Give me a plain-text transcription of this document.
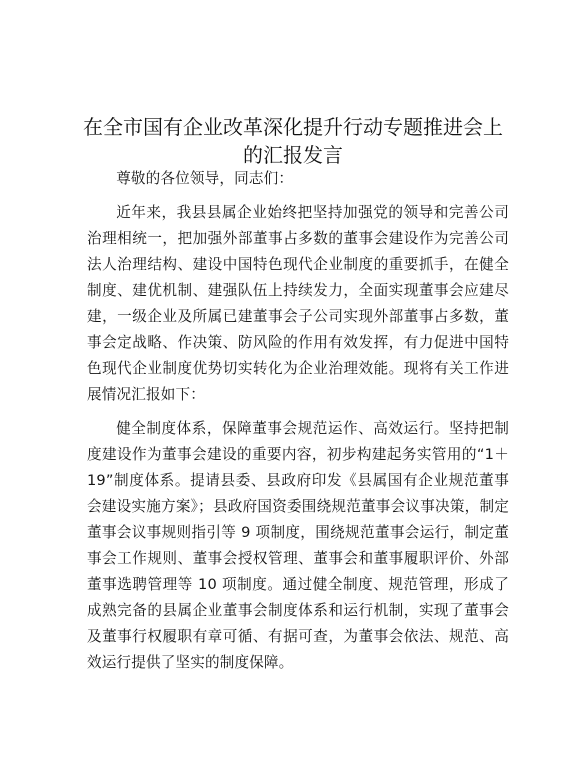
在全市国有企业改革深化提升行动专题推进会上的汇报发言

尊敬的各位领导，同志们：

近年来，我县县属企业始终把坚持加强党的领导和完善公司治理相统一，把加强外部董事占多数的董事会建设作为完善公司法人治理结构、建设中国特色现代企业制度的重要抓手，在健全制度、建优机制、建强队伍上持续发力，全面实现董事会应建尽建，一级企业及所属已建董事会子公司实现外部董事占多数，董事会定战略、作决策、防风险的作用有效发挥，有力促进中国特色现代企业制度优势切实转化为企业治理效能。现将有关工作进展情况汇报如下：

健全制度体系，保障董事会规范运作、高效运行。坚持把制度建设作为董事会建设的重要内容，初步构建起务实管用的“1＋19”制度体系。提请县委、县政府印发《县属国有企业规范董事会建设实施方案》；县政府国资委围绕规范董事会议事决策，制定董事会议事规则指引等 9 项制度，围绕规范董事会运行，制定董事会工作规则、董事会授权管理、董事会和董事履职评价、外部董事选聘管理等 10 项制度。通过健全制度、规范管理，形成了成熟完备的县属企业董事会制度体系和运行机制，实现了董事会及董事行权履职有章可循、有据可查，为董事会依法、规范、高效运行提供了坚实的制度保障。
